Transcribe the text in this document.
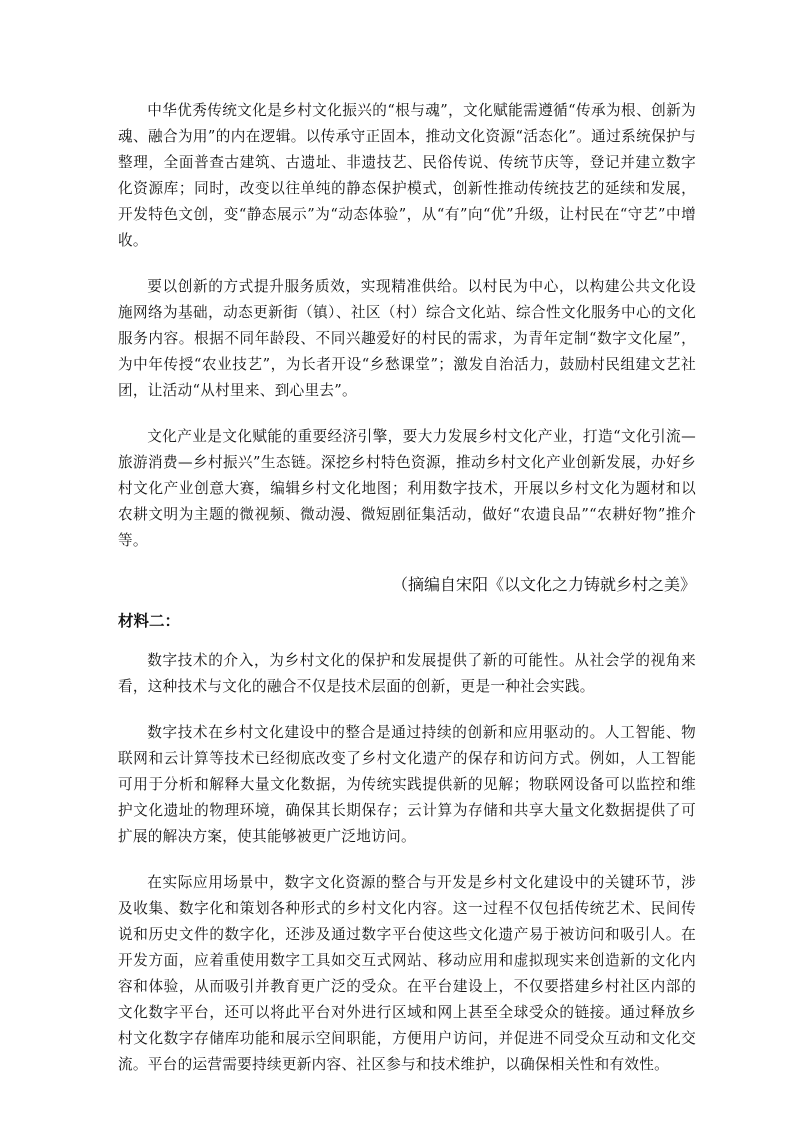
中华优秀传统文化是乡村文化振兴的“根与魂”，文化赋能需遵循“传承为根、创新为魂、融合为用”的内在逻辑。以传承守正固本，推动文化资源“活态化”。通过系统保护与整理，全面普查古建筑、古遗址、非遗技艺、民俗传说、传统节庆等，登记并建立数字化资源库；同时，改变以往单纯的静态保护模式，创新性推动传统技艺的延续和发展，开发特色文创，变“静态展示”为“动态体验”，从“有”向“优”升级，让村民在“守艺”中增收。

要以创新的方式提升服务质效，实现精准供给。以村民为中心，以构建公共文化设施网络为基础，动态更新街（镇）、社区（村）综合文化站、综合性文化服务中心的文化服务内容。根据不同年龄段、不同兴趣爱好的村民的需求，为青年定制“数字文化屋”，为中年传授“农业技艺”，为长者开设“乡愁课堂”；激发自治活力，鼓励村民组建文艺社团，让活动“从村里来、到心里去”。

文化产业是文化赋能的重要经济引擎，要大力发展乡村文化产业，打造“文化引流—旅游消费—乡村振兴”生态链。深挖乡村特色资源，推动乡村文化产业创新发展，办好乡村文化产业创意大赛，编辑乡村文化地图；利用数字技术，开展以乡村文化为题材和以农耕文明为主题的微视频、微动漫、微短剧征集活动，做好“农遗良品”“农耕好物”推介等。

（摘编自宋阳《以文化之力铸就乡村之美》

材料二：

数字技术的介入，为乡村文化的保护和发展提供了新的可能性。从社会学的视角来看，这种技术与文化的融合不仅是技术层面的创新，更是一种社会实践。

数字技术在乡村文化建设中的整合是通过持续的创新和应用驱动的。人工智能、物联网和云计算等技术已经彻底改变了乡村文化遗产的保存和访问方式。例如，人工智能可用于分析和解释大量文化数据，为传统实践提供新的见解；物联网设备可以监控和维护文化遗址的物理环境，确保其长期保存；云计算为存储和共享大量文化数据提供了可扩展的解决方案，使其能够被更广泛地访问。

在实际应用场景中，数字文化资源的整合与开发是乡村文化建设中的关键环节，涉及收集、数字化和策划各种形式的乡村文化内容。这一过程不仅包括传统艺术、民间传说和历史文件的数字化，还涉及通过数字平台使这些文化遗产易于被访问和吸引人。在开发方面，应着重使用数字工具如交互式网站、移动应用和虚拟现实来创造新的文化内容和体验，从而吸引并教育更广泛的受众。在平台建设上，不仅要搭建乡村社区内部的文化数字平台，还可以将此平台对外进行区域和网上甚至全球受众的链接。通过释放乡村文化数字存储库功能和展示空间职能，方便用户访问，并促进不同受众互动和文化交流。平台的运营需要持续更新内容、社区参与和技术维护，以确保相关性和有效性。
